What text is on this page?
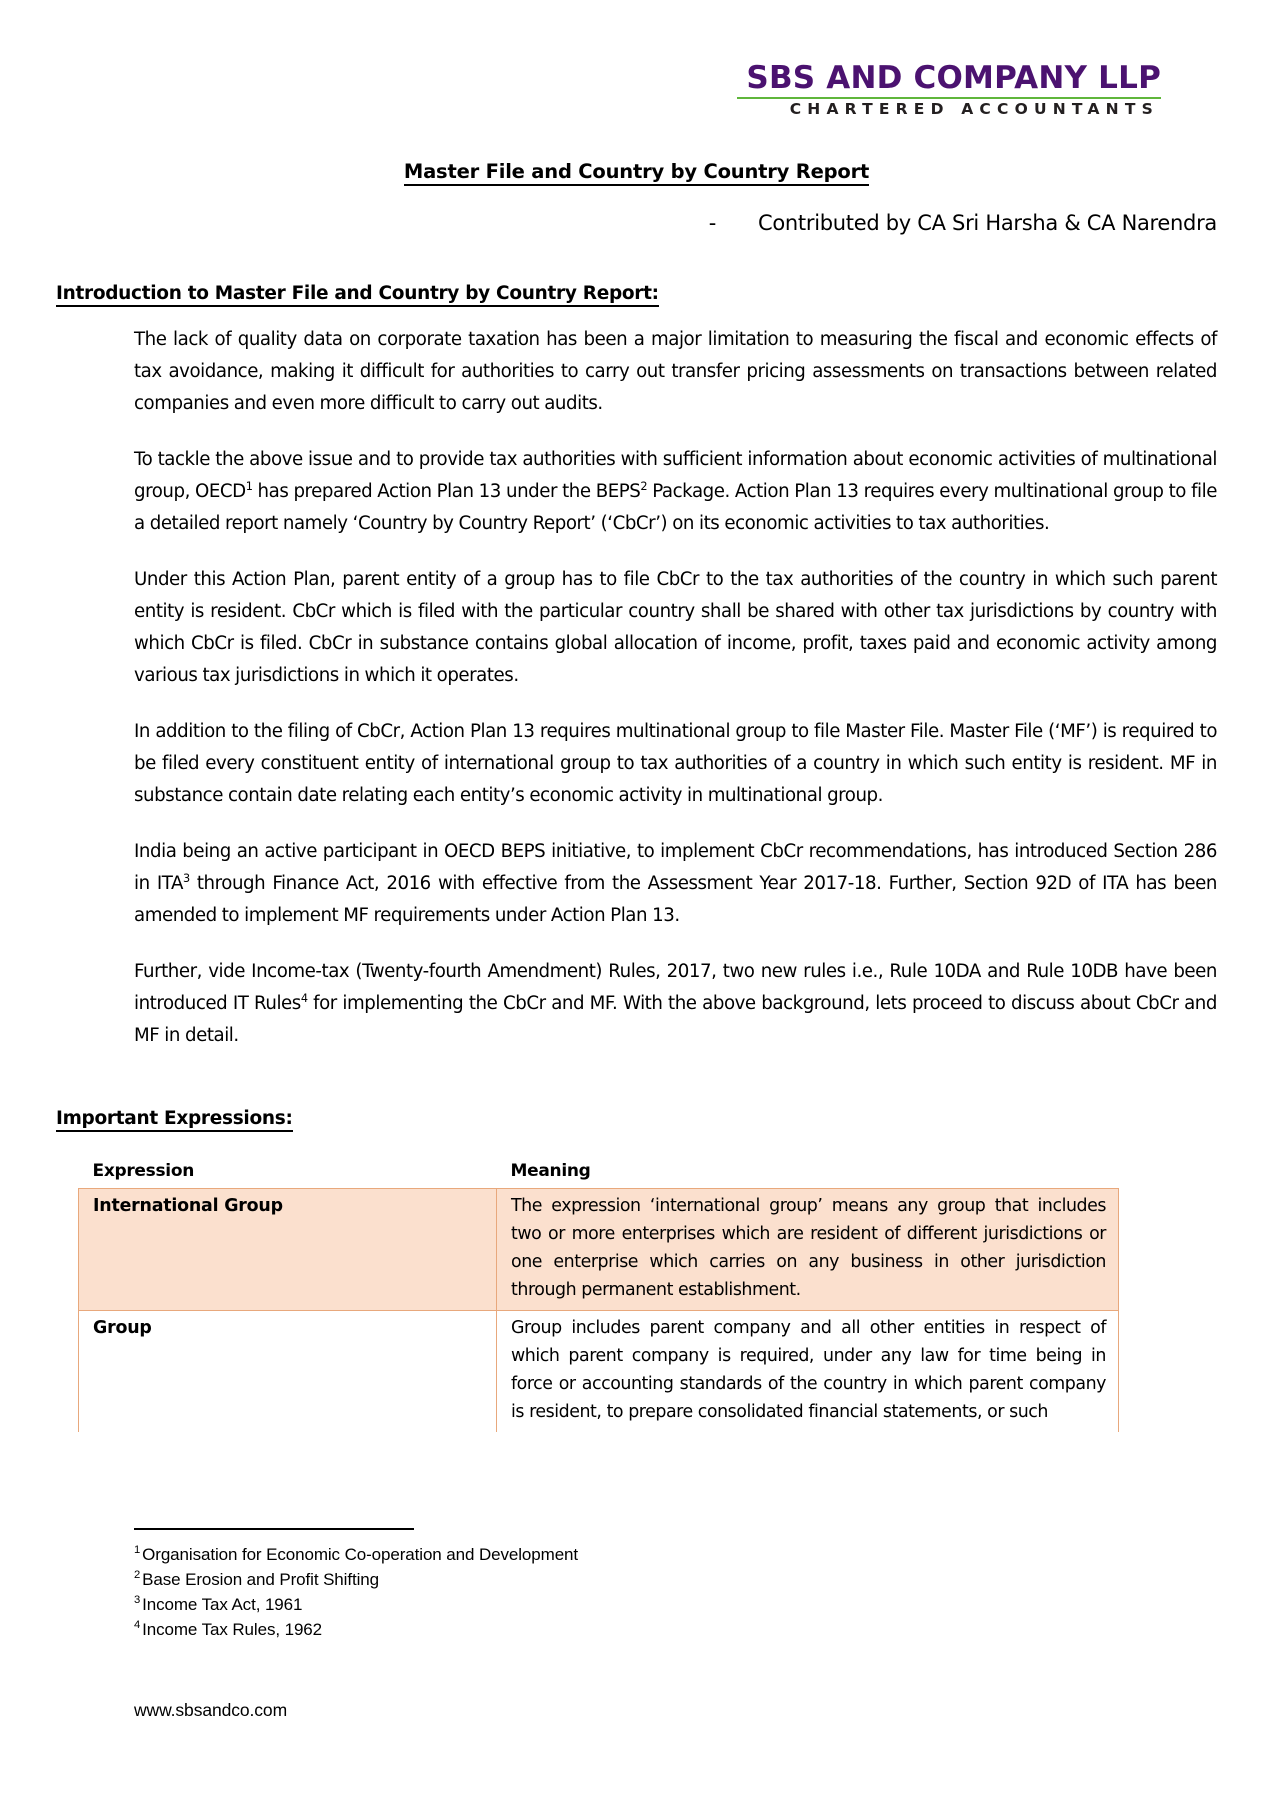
SBS AND COMPANY LLP
CHARTERED ACCOUNTANTS
Master File and Country by Country Report
- Contributed by CA Sri Harsha & CA Narendra
Introduction to Master File and Country by Country Report:

The lack of quality data on corporate taxation has been a major limitation to measuring the fiscal and economic effects of tax avoidance, making it difficult for authorities to carry out transfer pricing assessments on transactions between related companies and even more difficult to carry out audits.

To tackle the above issue and to provide tax authorities with sufficient information about economic activities of multinational group, OECD$^1$ has prepared Action Plan 13 under the BEPS$^2$ Package. Action Plan 13 requires every multinational group to file a detailed report namely ‘Country by Country Report’ (‘CbCr’) on its economic activities to tax authorities.

Under this Action Plan, parent entity of a group has to file CbCr to the tax authorities of the country in which such parent entity is resident. CbCr which is filed with the particular country shall be shared with other tax jurisdictions by country with which CbCr is filed. CbCr in substance contains global allocation of income, profit, taxes paid and economic activity among various tax jurisdictions in which it operates.

In addition to the filing of CbCr, Action Plan 13 requires multinational group to file Master File. Master File (‘MF’) is required to be filed every constituent entity of international group to tax authorities of a country in which such entity is resident. MF in substance contain date relating each entity’s economic activity in multinational group.

India being an active participant in OECD BEPS initiative, to implement CbCr recommendations, has introduced Section 286 in ITA$^3$ through Finance Act, 2016 with effective from the Assessment Year 2017-18. Further, Section 92D of ITA has been amended to implement MF requirements under Action Plan 13.

Further, vide Income-tax (Twenty-fourth Amendment) Rules, 2017, two new rules i.e., Rule 10DA and Rule 10DB have been introduced IT Rules$^4$ for implementing the CbCr and MF. With the above background, lets proceed to discuss about CbCr and MF in detail.

Important Expressions:
Expression	Meaning
International Group	The expression ‘international group’ means any group that includes two or more enterprises which are resident of different jurisdictions or one enterprise which carries on any business in other jurisdiction through permanent establishment.
Group	Group includes parent company and all other entities in respect of which parent company is required, under any law for time being in force or accounting standards of the country in which parent company is resident, to prepare consolidated financial statements, or such
$^1$ Organisation for Economic Co-operation and Development
$^2$ Base Erosion and Profit Shifting
$^3$ Income Tax Act, 1961
$^4$ Income Tax Rules, 1962
www.sbsandco.com
